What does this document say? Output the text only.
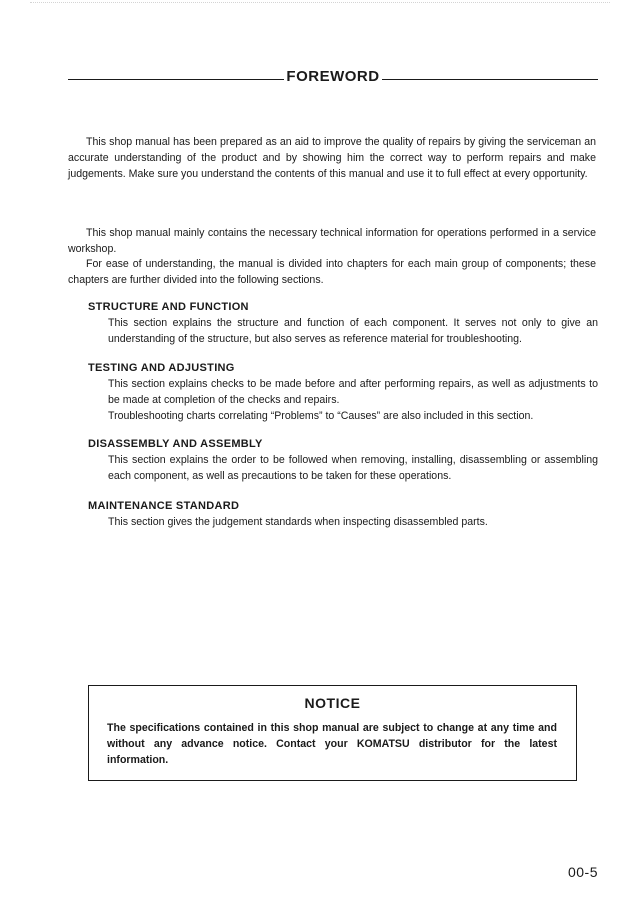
FOREWORD

This shop manual has been prepared as an aid to improve the quality of repairs by giving the serviceman an accurate understanding of the product and by showing him the correct way to perform repairs and make judgements. Make sure you understand the contents of this manual and use it to full effect at every opportunity.

This shop manual mainly contains the necessary technical information for operations performed in a service workshop.

For ease of understanding, the manual is divided into chapters for each main group of components; these chapters are further divided into the following sections.

STRUCTURE AND FUNCTION

This section explains the structure and function of each component. It serves not only to give an understanding of the structure, but also serves as reference material for troubleshooting.

TESTING AND ADJUSTING

This section explains checks to be made before and after performing repairs, as well as adjustments to be made at completion of the checks and repairs.

Troubleshooting charts correlating “Problems” to “Causes” are also included in this section.

DISASSEMBLY AND ASSEMBLY

This section explains the order to be followed when removing, installing, disassembling or assembling each component, as well as precautions to be taken for these operations.

MAINTENANCE STANDARD

This section gives the judgement standards when inspecting disassembled parts.

NOTICE

The specifications contained in this shop manual are subject to change at any time and without any advance notice. Contact your KOMATSU distributor for the latest information.

00-5
